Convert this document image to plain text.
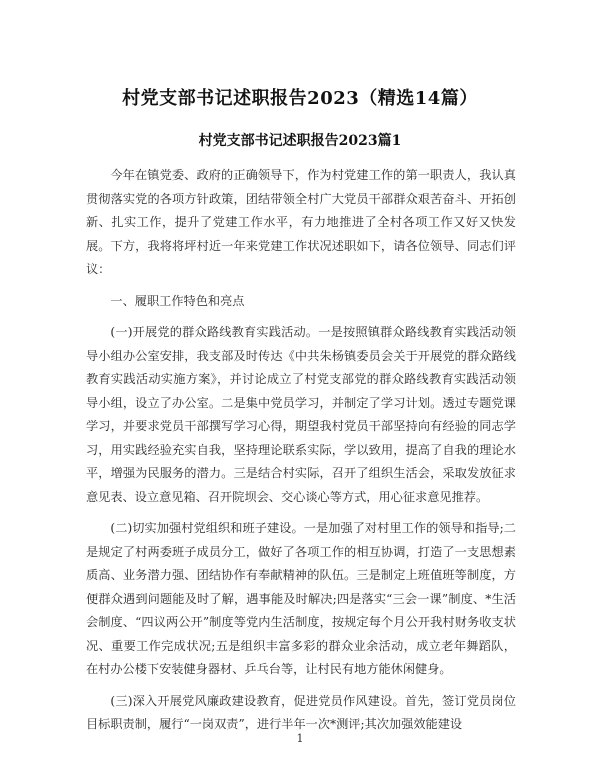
村党支部书记述职报告2023（精选14篇）
村党支部书记述职报告2023篇1

今年在镇党委、政府的正确领导下，作为村党建工作的第一职责人，我认真贯彻落实党的各项方针政策，团结带领全村广大党员干部群众艰苦奋斗、开拓创新、扎实工作，提升了党建工作水平，有力地推进了全村各项工作又好又快发展。下方，我将将坪村近一年来党建工作状况述职如下，请各位领导、同志们评议：

一、履职工作特色和亮点

(一)开展党的群众路线教育实践活动。一是按照镇群众路线教育实践活动领导小组办公室安排，我支部及时传达《中共朱杨镇委员会关于开展党的群众路线教育实践活动实施方案》，并讨论成立了村党支部党的群众路线教育实践活动领导小组，设立了办公室。二是集中党员学习，并制定了学习计划。透过专题党课学习，并要求党员干部撰写学习心得，期望我村党员干部坚持向有经验的同志学习，用实践经验充实自我，坚持理论联系实际，学以致用，提高了自我的理论水平，增强为民服务的潜力。三是结合村实际，召开了组织生活会，采取发放征求意见表、设立意见箱、召开院坝会、交心谈心等方式，用心征求意见推荐。

(二)切实加强村党组织和班子建设。一是加强了对村里工作的领导和指导;二是规定了村两委班子成员分工，做好了各项工作的相互协调，打造了一支思想素质高、业务潜力强、团结协作有奉献精神的队伍。三是制定上班值班等制度，方便群众遇到问题能及时了解，遇事能及时解决;四是落实“三会一课”制度、*生活会制度、“四议两公开”制度等党内生活制度，按规定每个月公开我村财务收支状况、重要工作完成状况;五是组织丰富多彩的群众业余活动，成立老年舞蹈队，在村办公楼下安装健身器材、乒乓台等，让村民有地方能休闲健身。

(三)深入开展党风廉政建设教育，促进党员作风建设。首先，签订党员岗位目标职责制，履行“一岗双责”，进行半年一次*测评;其次加强效能建设

1
